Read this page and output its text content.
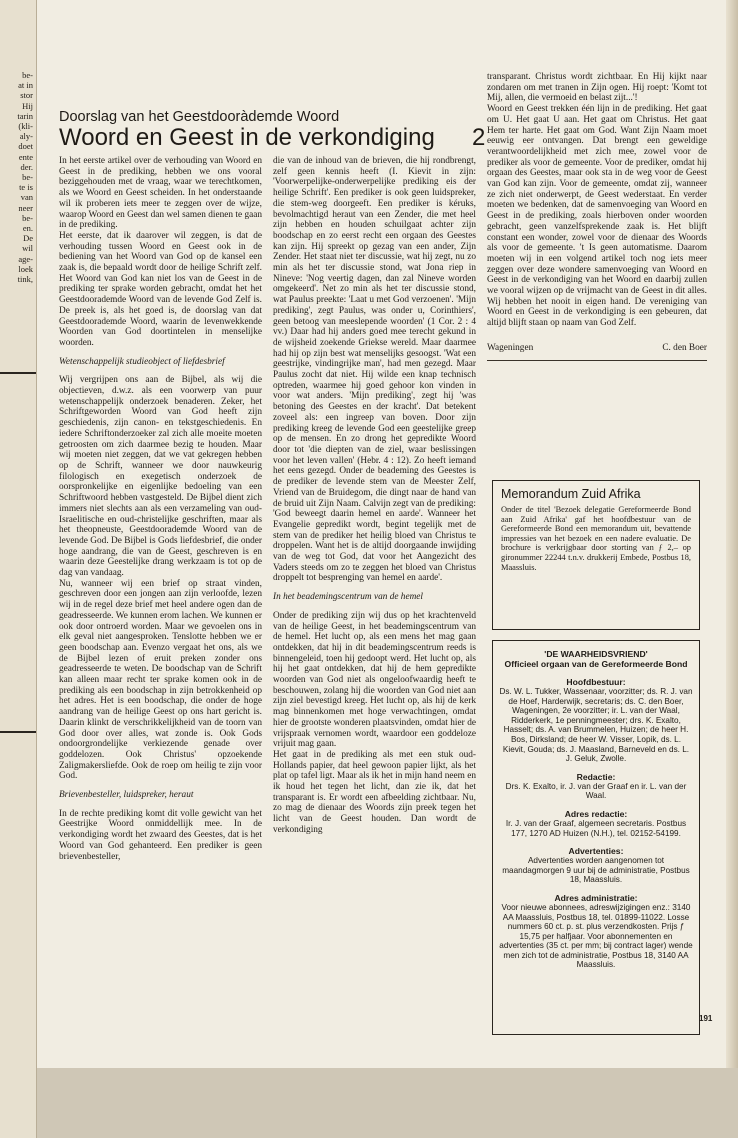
be-
at in
stor
Hij
tarin
(kli-
aly-
doet
ente
der.
be-
te is
van
neer
be-
en.
De
wil
age-
loek
tink,
Doorslag van het Geestdooràdemde Woord
Woord en Geest in de verkondiging 2

In het eerste artikel over de verhouding van Woord en Geest in de prediking, hebben we ons vooral beziggehouden met de vraag, waar we terechtkomen, als we Woord en Geest scheiden. In het onderstaande wil ik proberen iets meer te zeggen over de wijze, waarop Woord en Geest dan wel samen dienen te gaan in de prediking.

Het eerste, dat ik daarover wil zeggen, is dat de verhouding tussen Woord en Geest ook in de bediening van het Woord van God op de kansel een zaak is, die bepaald wordt door de heilige Schrift zelf. Het Woord van God kan niet los van de Geest in de prediking ter sprake worden gebracht, omdat het het Geestdoorademde Woord van de levende God Zelf is. De preek is, als het goed is, de doorslag van dat Geestdoorademde Woord, waarin de levenwekkende Woorden van God doortintelen in menselijke woorden.

Wetenschappelijk studieobject of liefdesbrief

Wij vergrijpen ons aan de Bijbel, als wij die objectieven, d.w.z. als een voorwerp van puur wetenschappelijk onderzoek benaderen. Zeker, het Schriftgeworden Woord van God heeft zijn geschiedenis, zijn canon- en tekstgeschiedenis. En iedere Schriftonderzoeker zal zich alle moeite moeten getroosten om zich daarmee bezig te houden. Maar wij moeten niet zeggen, dat we vat gekregen hebben op de Schrift, wanneer we door nauwkeurig filologisch en exegetisch onderzoek de oorspronkelijke en eigenlijke bedoeling van een Schriftwoord hebben vastgesteld. De Bijbel dient zich immers niet slechts aan als een verzameling van oud-Israelitische en oud-christelijke geschriften, maar als het theopneuste, Geestdoorademde Woord van de levende God. De Bijbel is Gods liefdesbrief, die onder hoge aandrang, die van de Geest, geschreven is en waarin deze Geestelijke drang werkzaam is tot op de dag van vandaag.

Nu, wanneer wij een brief op straat vinden, geschreven door een jongen aan zijn verloofde, lezen wij in de regel deze brief met heel andere ogen dan de geadresseerde. We kunnen erom lachen. We kunnen er ook door ontroerd worden. Maar we gevoelen ons in elk geval niet aangesproken. Tenslotte hebben we er geen boodschap aan. Evenzo vergaat het ons, als we de Bijbel lezen of eruit preken zonder ons geadresseerde te weten. De boodschap van de Schrift kan alleen maar recht ter sprake komen ook in de prediking als een boodschap in zijn betrokkenheid op het adres. Het is een boodschap, die onder de hoge aandrang van de heilige Geest op ons hart gericht is. Daarin klinkt de verschrikkelijkheid van de toorn van God door over alles, wat zonde is. Ook Gods ondoorgrondelijke verkiezende genade over goddelozen. Ook Christus' opzoekende Zaligmakersliefde. Ook de roep om heilig te zijn voor God.

Brievenbesteller, luidspreker, heraut

In de rechte prediking komt dit volle gewicht van het Geestrijke Woord onmiddellijk mee. In de verkondiging wordt het zwaard des Geestes, dat is het Woord van God gehanteerd. Een prediker is geen brievenbesteller,

die van de inhoud van de brieven, die hij rondbrengt, zelf geen kennis heeft (I. Kievit in zijn: 'Voorwerpelijke-onderwerpelijke prediking eis der heilige Schrift'. Een prediker is ook geen luidspreker, die stem-weg doorgeeft. Een prediker is kéruks, bevolmachtigd heraut van een Zender, die met heel zijn hebben en houden schuilgaat achter zijn boodschap en zo eerst recht een orgaan des Geestes kan zijn. Hij spreekt op gezag van een ander, Zijn Zender. Het staat niet ter discussie, wat hij zegt, nu zo min als het ter discussie stond, wat Jona riep in Nineve: 'Nog veertig dagen, dan zal Nineve worden omgekeerd'. Net zo min als het ter discussie stond, wat Paulus preekte: 'Laat u met God verzoenen'. 'Mijn prediking', zegt Paulus, was onder u, Corinthiers', geen betoog van meeslepende woorden' (1 Cor. 2 : 4 vv.) Daar had hij anders goed mee terecht gekund in de wijsheid zoekende Griekse wereld. Maar daarmee had hij op zijn best wat menselijks gesoogst. 'Wat een geestrijke, vindingrijke man', had men gezegd. Maar Paulus zocht dat niet. Hij wilde een knap technisch optreden, waarmee hij goed gehoor kon vinden in voor wat anders. 'Mijn prediking', zegt hij 'was betoning des Geestes en der kracht'. Dat betekent zoveel als: een ingreep van boven. Door zijn prediking kreeg de levende God een geestelijke greep op de mensen. En zo drong het gepredikte Woord door tot 'die diepten van de ziel, waar beslissingen voor het leven vallen' (Hebr. 4 : 12). Zo heeft iemand het eens gezegd. Onder de beademing des Geestes is de prediker de levende stem van de Meester Zelf, Vriend van de Bruidegom, die dingt naar de hand van de bruid uit Zijn Naam. Calvijn zegt van de prediking: 'God beweegt daarin hemel en aarde'. Wanneer het Evangelie gepredikt wordt, begint tegelijk met de stem van de prediker het heilig bloed van Christus te droppelen. Want het is de altijd doorgaande inwijding van de weg tot God, dat voor het Aangezicht des Vaders steeds om zo te zeggen het bloed van Christus droppelt tot besprenging van hemel en aarde'.

In het beademingscentrum van de hemel

Onder de prediking zijn wij dus op het krachtenveld van de heilige Geest, in het beademingscentrum van de hemel. Het lucht op, als een mens het mag gaan ontdekken, dat hij in dit beademingscentrum reeds is binnengeleid, toen hij gedoopt werd. Het lucht op, als hij het gaat ontdekken, dat hij de hem gepredikte woorden van God niet als ongeloofwaardig heeft te beschouwen, zolang hij die woorden van God niet aan zijn ziel bevestigd kreeg. Het lucht op, als hij de kerk mag binnenkomen met hoge verwachtingen, omdat hier de grootste wonderen plaatsvinden, omdat hier de vrijspraak vernomen wordt, waardoor een goddeloze vrijuit mag gaan.

Het gaat in de prediking als met een stuk oud-Hollands papier, dat heel gewoon papier lijkt, als het plat op tafel ligt. Maar als ik het in mijn hand neem en ik houd het tegen het licht, dan zie ik, dat het transparant is. Er wordt een afbeelding zichtbaar. Nu, zo mag de dienaar des Woords zijn preek tegen het licht van de Geest houden. Dan wordt de verkondiging

transparant. Christus wordt zichtbaar. En Hij kijkt naar zondaren om met tranen in Zijn ogen. Hij roept: 'Komt tot Mij, allen, die vermoeid en belast zijt...'!

Woord en Geest trekken één lijn in de prediking. Het gaat om U. Het gaat U aan. Het gaat om Christus. Het gaat Hem ter harte. Het gaat om God. Want Zijn Naam moet eeuwig eer ontvangen. Dat brengt een geweldige verantwoordelijkheid met zich mee, zowel voor de prediker als voor de gemeente. Voor de prediker, omdat hij orgaan des Geestes, maar ook sta in de weg voor de Geest van God kan zijn. Voor de gemeente, omdat zij, wanneer ze zich niet onderwerpt, de Geest wederstaat. En verder moeten we bedenken, dat de samenvoeging van Woord en Geest in de prediking, zoals hierboven onder woorden gebracht, geen vanzelfsprekende zaak is. Het blijft constant een wonder, zowel voor de dienaar des Woords als voor de gemeente. 't Is geen automatisme. Daarom moeten wij in een volgend artikel toch nog iets meer zeggen over deze wondere samenvoeging van Woord en Geest in de verkondiging van het Woord en daarbij zullen we vooral wijzen op de vrijmacht van de Geest in dit alles. Wij hebben het nooit in eigen hand. De vereniging van Woord en Geest in de verkondiging is een gebeuren, dat altijd blijft staan op naam van God Zelf.

Wageningen	C. den Boer
Memorandum Zuid Afrika

Onder de titel 'Bezoek delegatie Gereformeerde Bond aan Zuid Afrika' gaf het hoofdbestuur van de Gereformeerde Bond een memorandum uit, bevattende impressies van het bezoek en een nadere evaluatie. De brochure is verkrijgbaar door storting van ƒ 2,– op gironummer 22244 t.n.v. drukkerij Embede, Postbus 18, Maassluis.

'DE WAARHEIDSVRIEND'
Officieel orgaan van de Gereformeerde Bond
Hoofdbestuur:
Ds. W. L. Tukker, Wassenaar, voorzitter; ds. R. J. van de Hoef, Harderwijk, secretaris; ds. C. den Boer, Wageningen, 2e voorzitter; ir. L. van der Waal, Ridderkerk, 1e penningmeester; drs. K. Exalto, Hasselt; ds. A. van Brummelen, Huizen; de heer H. Bos, Dirksland; de heer W. Visser, Lopik, ds. L. Kievit, Gouda; ds. J. Maasland, Barneveld en ds. L. J. Geluk, Zwolle.
Redactie:
Drs. K. Exalto, ir. J. van der Graaf en ir. L. van der Waal.
Adres redactie:
Ir. J. van der Graaf, algemeen secretaris. Postbus 177, 1270 AD Huizen (N.H.), tel. 02152-54199.
Advertenties:
Advertenties worden aangenomen tot maandagmorgen 9 uur bij de administratie, Postbus 18, Maassluis.
Adres administratie:
Voor nieuwe abonnees, adreswijzigingen enz.: 3140 AA Maassluis, Postbus 18, tel. 01899-11022. Losse nummers 60 ct. p. st. plus verzendkosten. Prijs ƒ 15,75 per halfjaar. Voor abonnementen en advertenties (35 ct. per mm; bij contract lager) wende men zich tot de administratie, Postbus 18, 3140 AA Maassluis.
191
